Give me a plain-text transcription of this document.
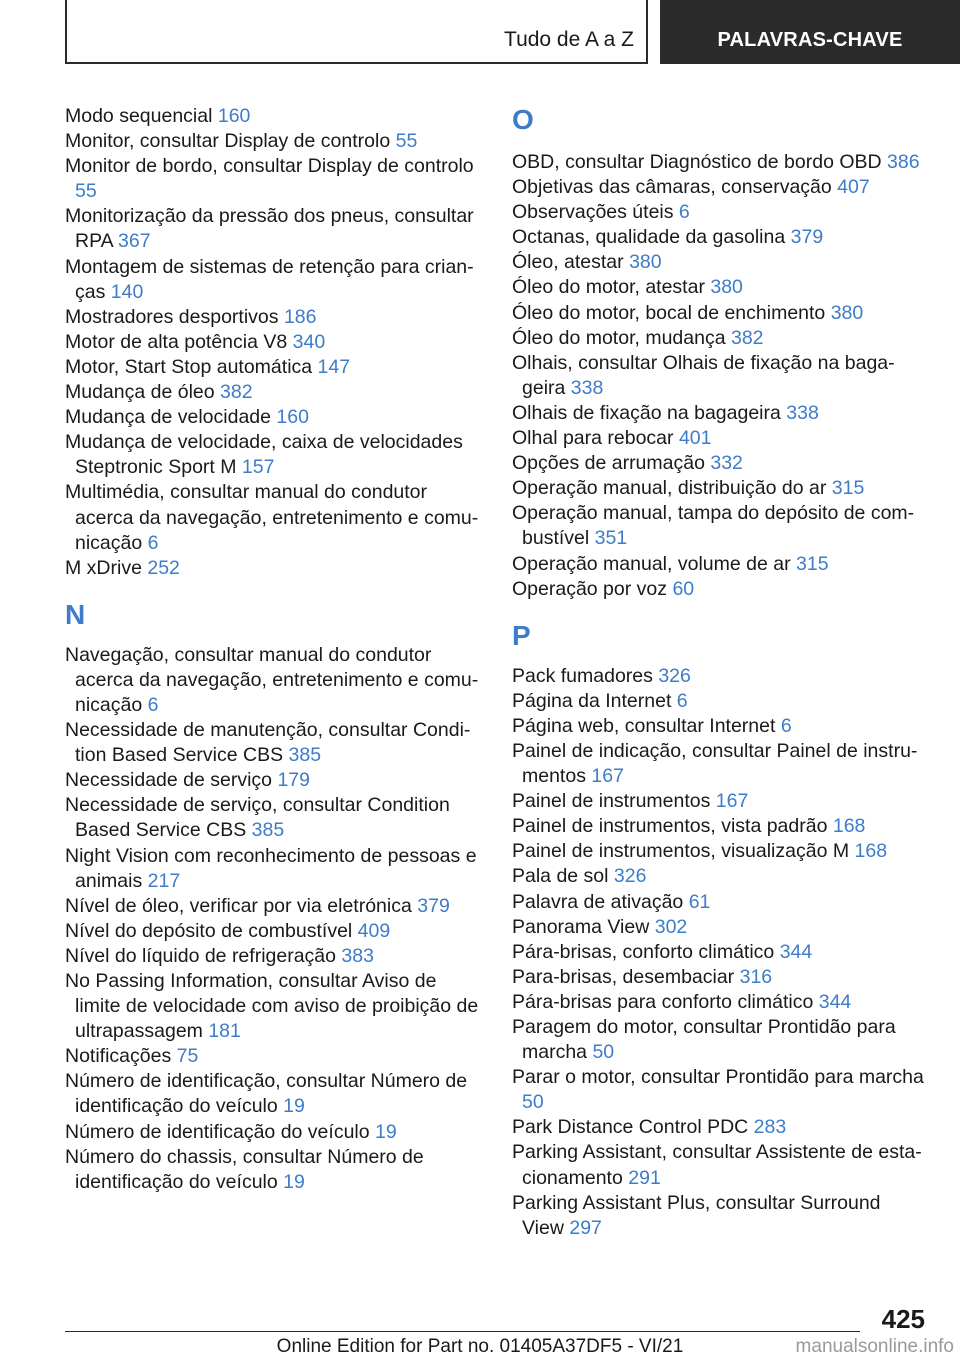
Tudo de A a Z	PALAVRAS-CHAVE
Modo sequencial 160
Monitor, consultar Display de controlo 55
Monitor de bordo, consultar Display de controlo 55
Monitorização da pressão dos pneus, consultar RPA 367
Montagem de sistemas de retenção para crianças 140
Mostradores desportivos 186
Motor de alta potência V8 340
Motor, Start Stop automática 147
Mudança de óleo 382
Mudança de velocidade 160
Mudança de velocidade, caixa de velocidades Steptronic Sport M 157
Multimédia, consultar manual do condutor acerca da navegação, entretenimento e comunicação 6
M xDrive 252
N
Navegação, consultar manual do condutor acerca da navegação, entretenimento e comunicação 6
Necessidade de manutenção, consultar Condition Based Service CBS 385
Necessidade de serviço 179
Necessidade de serviço, consultar Condition Based Service CBS 385
Night Vision com reconhecimento de pessoas e animais 217
Nível de óleo, verificar por via eletrónica 379
Nível do depósito de combustível 409
Nível do líquido de refrigeração 383
No Passing Information, consultar Aviso de limite de velocidade com aviso de proibição de ultrapassagem 181
Notificações 75
Número de identificação, consultar Número de identificação do veículo 19
Número de identificação do veículo 19
Número do chassis, consultar Número de identificação do veículo 19
O
OBD, consultar Diagnóstico de bordo OBD 386
Objetivas das câmaras, conservação 407
Observações úteis 6
Octanas, qualidade da gasolina 379
Óleo, atestar 380
Óleo do motor, atestar 380
Óleo do motor, bocal de enchimento 380
Óleo do motor, mudança 382
Olhais, consultar Olhais de fixação na bagageira 338
Olhais de fixação na bagageira 338
Olhal para rebocar 401
Opções de arrumação 332
Operação manual, distribuição do ar 315
Operação manual, tampa do depósito de combustível 351
Operação manual, volume de ar 315
Operação por voz 60
P
Pack fumadores 326
Página da Internet 6
Página web, consultar Internet 6
Painel de indicação, consultar Painel de instrumentos 167
Painel de instrumentos 167
Painel de instrumentos, vista padrão 168
Painel de instrumentos, visualização M 168
Pala de sol 326
Palavra de ativação 61
Panorama View 302
Pára-brisas, conforto climático 344
Para-brisas, desembaciar 316
Pára-brisas para conforto climático 344
Paragem do motor, consultar Prontidão para marcha 50
Parar o motor, consultar Prontidão para marcha 50
Park Distance Control PDC 283
Parking Assistant, consultar Assistente de estacionamento 291
Parking Assistant Plus, consultar Surround View 297
425
Online Edition for Part no. 01405A37DF5 - VI/21	manualsonline.info
